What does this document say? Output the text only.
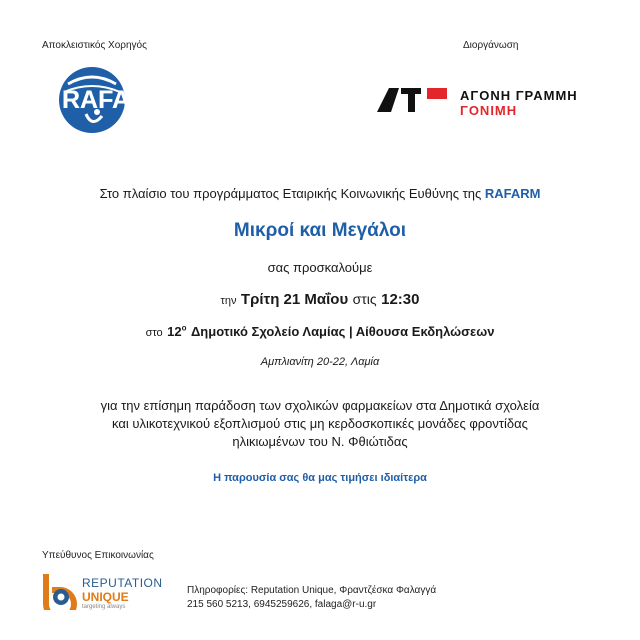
Αποκλειστικός Χορηγός	Διοργάνωση
RAFARM	ΑΓΟΝΗ ΓΡΑΜΜΗ
ΓΟΝΙΜΗ
Στο πλαίσιο του προγράμματος Εταιρικής Κοινωνικής Ευθύνης της RAFARM
Μικροί και Μεγάλοι
σας προσκαλούμε
την Τρίτη 21 Μαΐου στις 12:30
στο $12^o$ Δημοτικό Σχολείο Λαμίας | Αίθουσα Εκδηλώσεων
Αμπλιανίτη 20-22, Λαμία
για την επίσημη παράδοση των σχολικών φαρμακείων στα Δημοτικά σχολεία
και υλικοτεχνικού εξοπλισμού στις μη κερδοσκοπικές μονάδες φροντίδας
ηλικιωμένων του Ν. Φθιώτιδας
Η παρουσία σας θα μας τιμήσει ιδιαίτερα
Υπεύθυνος Επικοινωνίας
REPUTATION
UNIQUE
targeting always
Πληροφορίες: Reputation Unique, Φραντζέσκα Φαλαγγά
215 560 5213, 6945259626, falaga@r-u.gr
